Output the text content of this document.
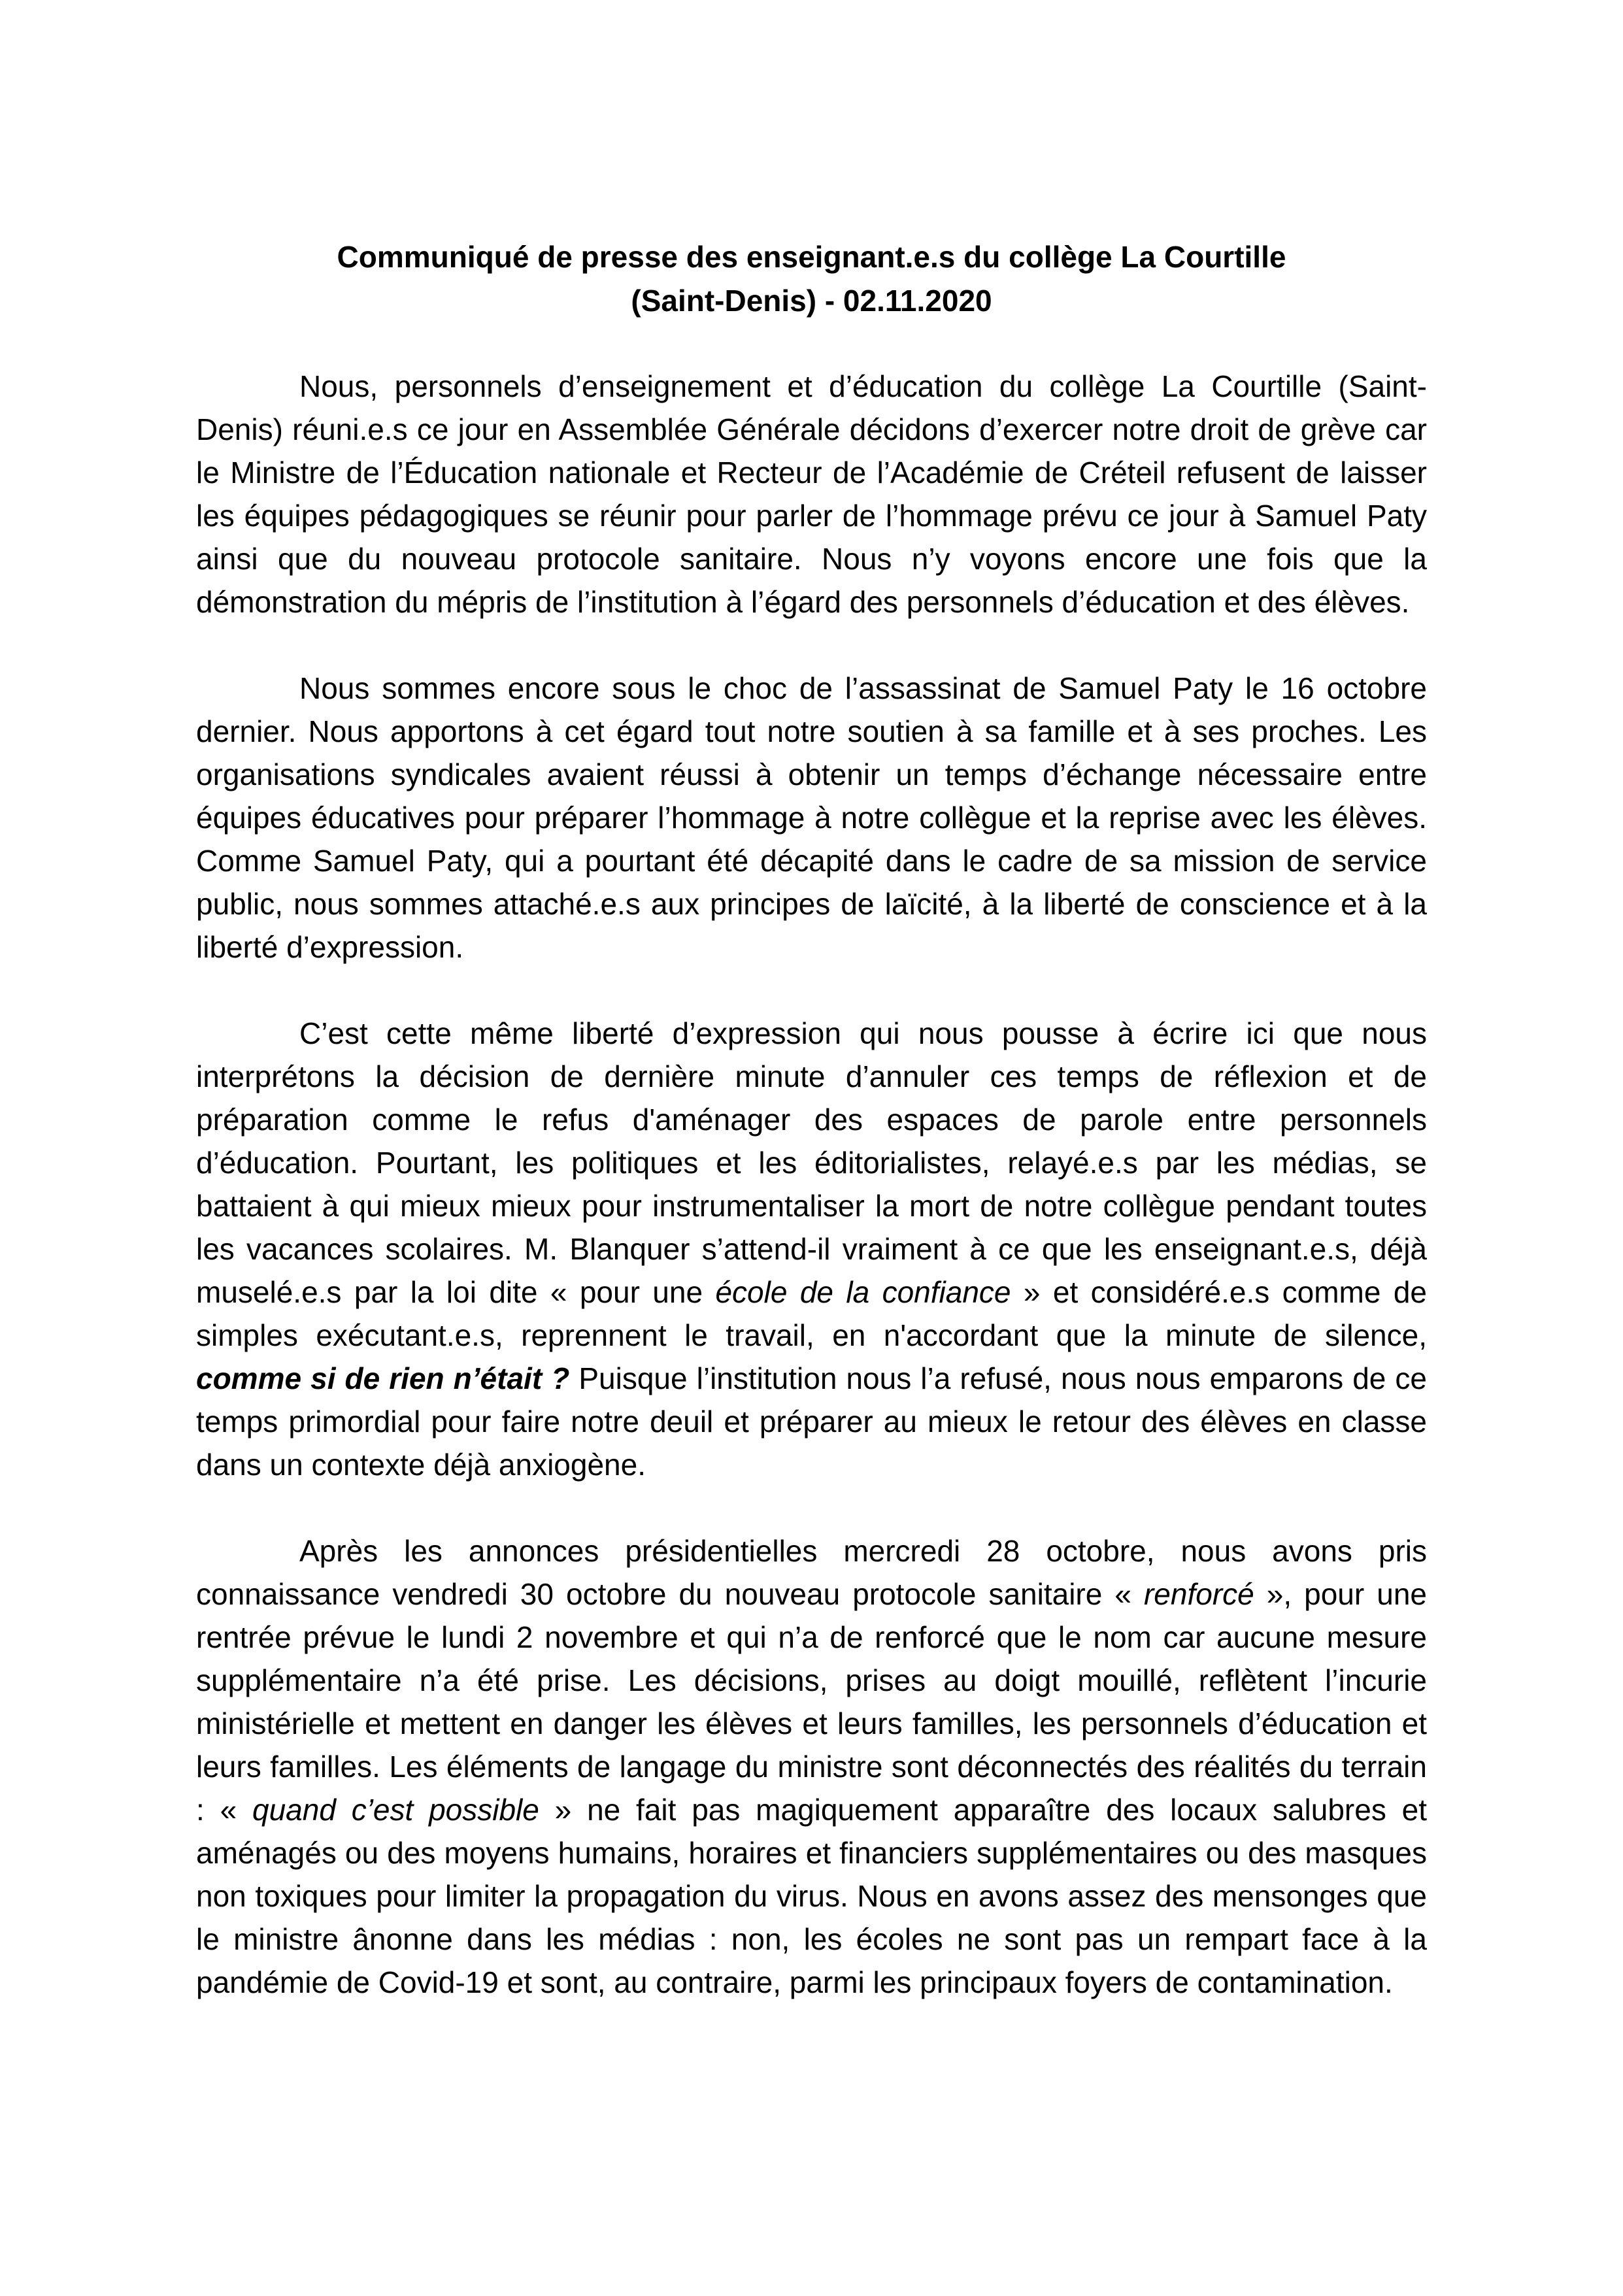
Communiqué de presse des enseignant.e.s du collège La Courtille
(Saint-Denis) - 02.11.2020

Nous, personnels d’enseignement et d’éducation du collège La Courtille (Saint-Denis) réuni.e.s ce jour en Assemblée Générale décidons d’exercer notre droit de grève car le Ministre de l’Éducation nationale et Recteur de l’Académie de Créteil refusent de laisser les équipes pédagogiques se réunir pour parler de l’hommage prévu ce jour à Samuel Paty ainsi que du nouveau protocole sanitaire. Nous n’y voyons encore une fois que la démonstration du mépris de l’institution à l’égard des personnels d’éducation et des élèves.

Nous sommes encore sous le choc de l’assassinat de Samuel Paty le 16 octobre dernier. Nous apportons à cet égard tout notre soutien à sa famille et à ses proches. Les organisations syndicales avaient réussi à obtenir un temps d’échange nécessaire entre équipes éducatives pour préparer l’hommage à notre collègue et la reprise avec les élèves. Comme Samuel Paty, qui a pourtant été décapité dans le cadre de sa mission de service public, nous sommes attaché.e.s aux principes de laïcité, à la liberté de conscience et à la liberté d’expression.

C’est cette même liberté d’expression qui nous pousse à écrire ici que nous interprétons la décision de dernière minute d’annuler ces temps de réflexion et de préparation comme le refus d'aménager des espaces de parole entre personnels d’éducation. Pourtant, les politiques et les éditorialistes, relayé.e.s par les médias, se battaient à qui mieux mieux pour instrumentaliser la mort de notre collègue pendant toutes les vacances scolaires. M. Blanquer s’attend-il vraiment à ce que les enseignant.e.s, déjà muselé.e.s par la loi dite « pour une école de la confiance » et considéré.e.s comme de simples exécutant.e.s, reprennent le travail, en n'accordant que la minute de silence, comme si de rien n’était ? Puisque l’institution nous l’a refusé, nous nous emparons de ce temps primordial pour faire notre deuil et préparer au mieux le retour des élèves en classe dans un contexte déjà anxiogène.

Après les annonces présidentielles mercredi 28 octobre, nous avons pris connaissance vendredi 30 octobre du nouveau protocole sanitaire « renforcé », pour une rentrée prévue le lundi 2 novembre et qui n’a de renforcé que le nom car aucune mesure supplémentaire n’a été prise. Les décisions, prises au doigt mouillé, reflètent l’incurie ministérielle et mettent en danger les élèves et leurs familles, les personnels d’éducation et leurs familles. Les éléments de langage du ministre sont déconnectés des réalités du terrain : « quand c’est possible » ne fait pas magiquement apparaître des locaux salubres et aménagés ou des moyens humains, horaires et financiers supplémentaires ou des masques non toxiques pour limiter la propagation du virus. Nous en avons assez des mensonges que le ministre ânonne dans les médias : non, les écoles ne sont pas un rempart face à la pandémie de Covid-19 et sont, au contraire, parmi les principaux foyers de contamination.
